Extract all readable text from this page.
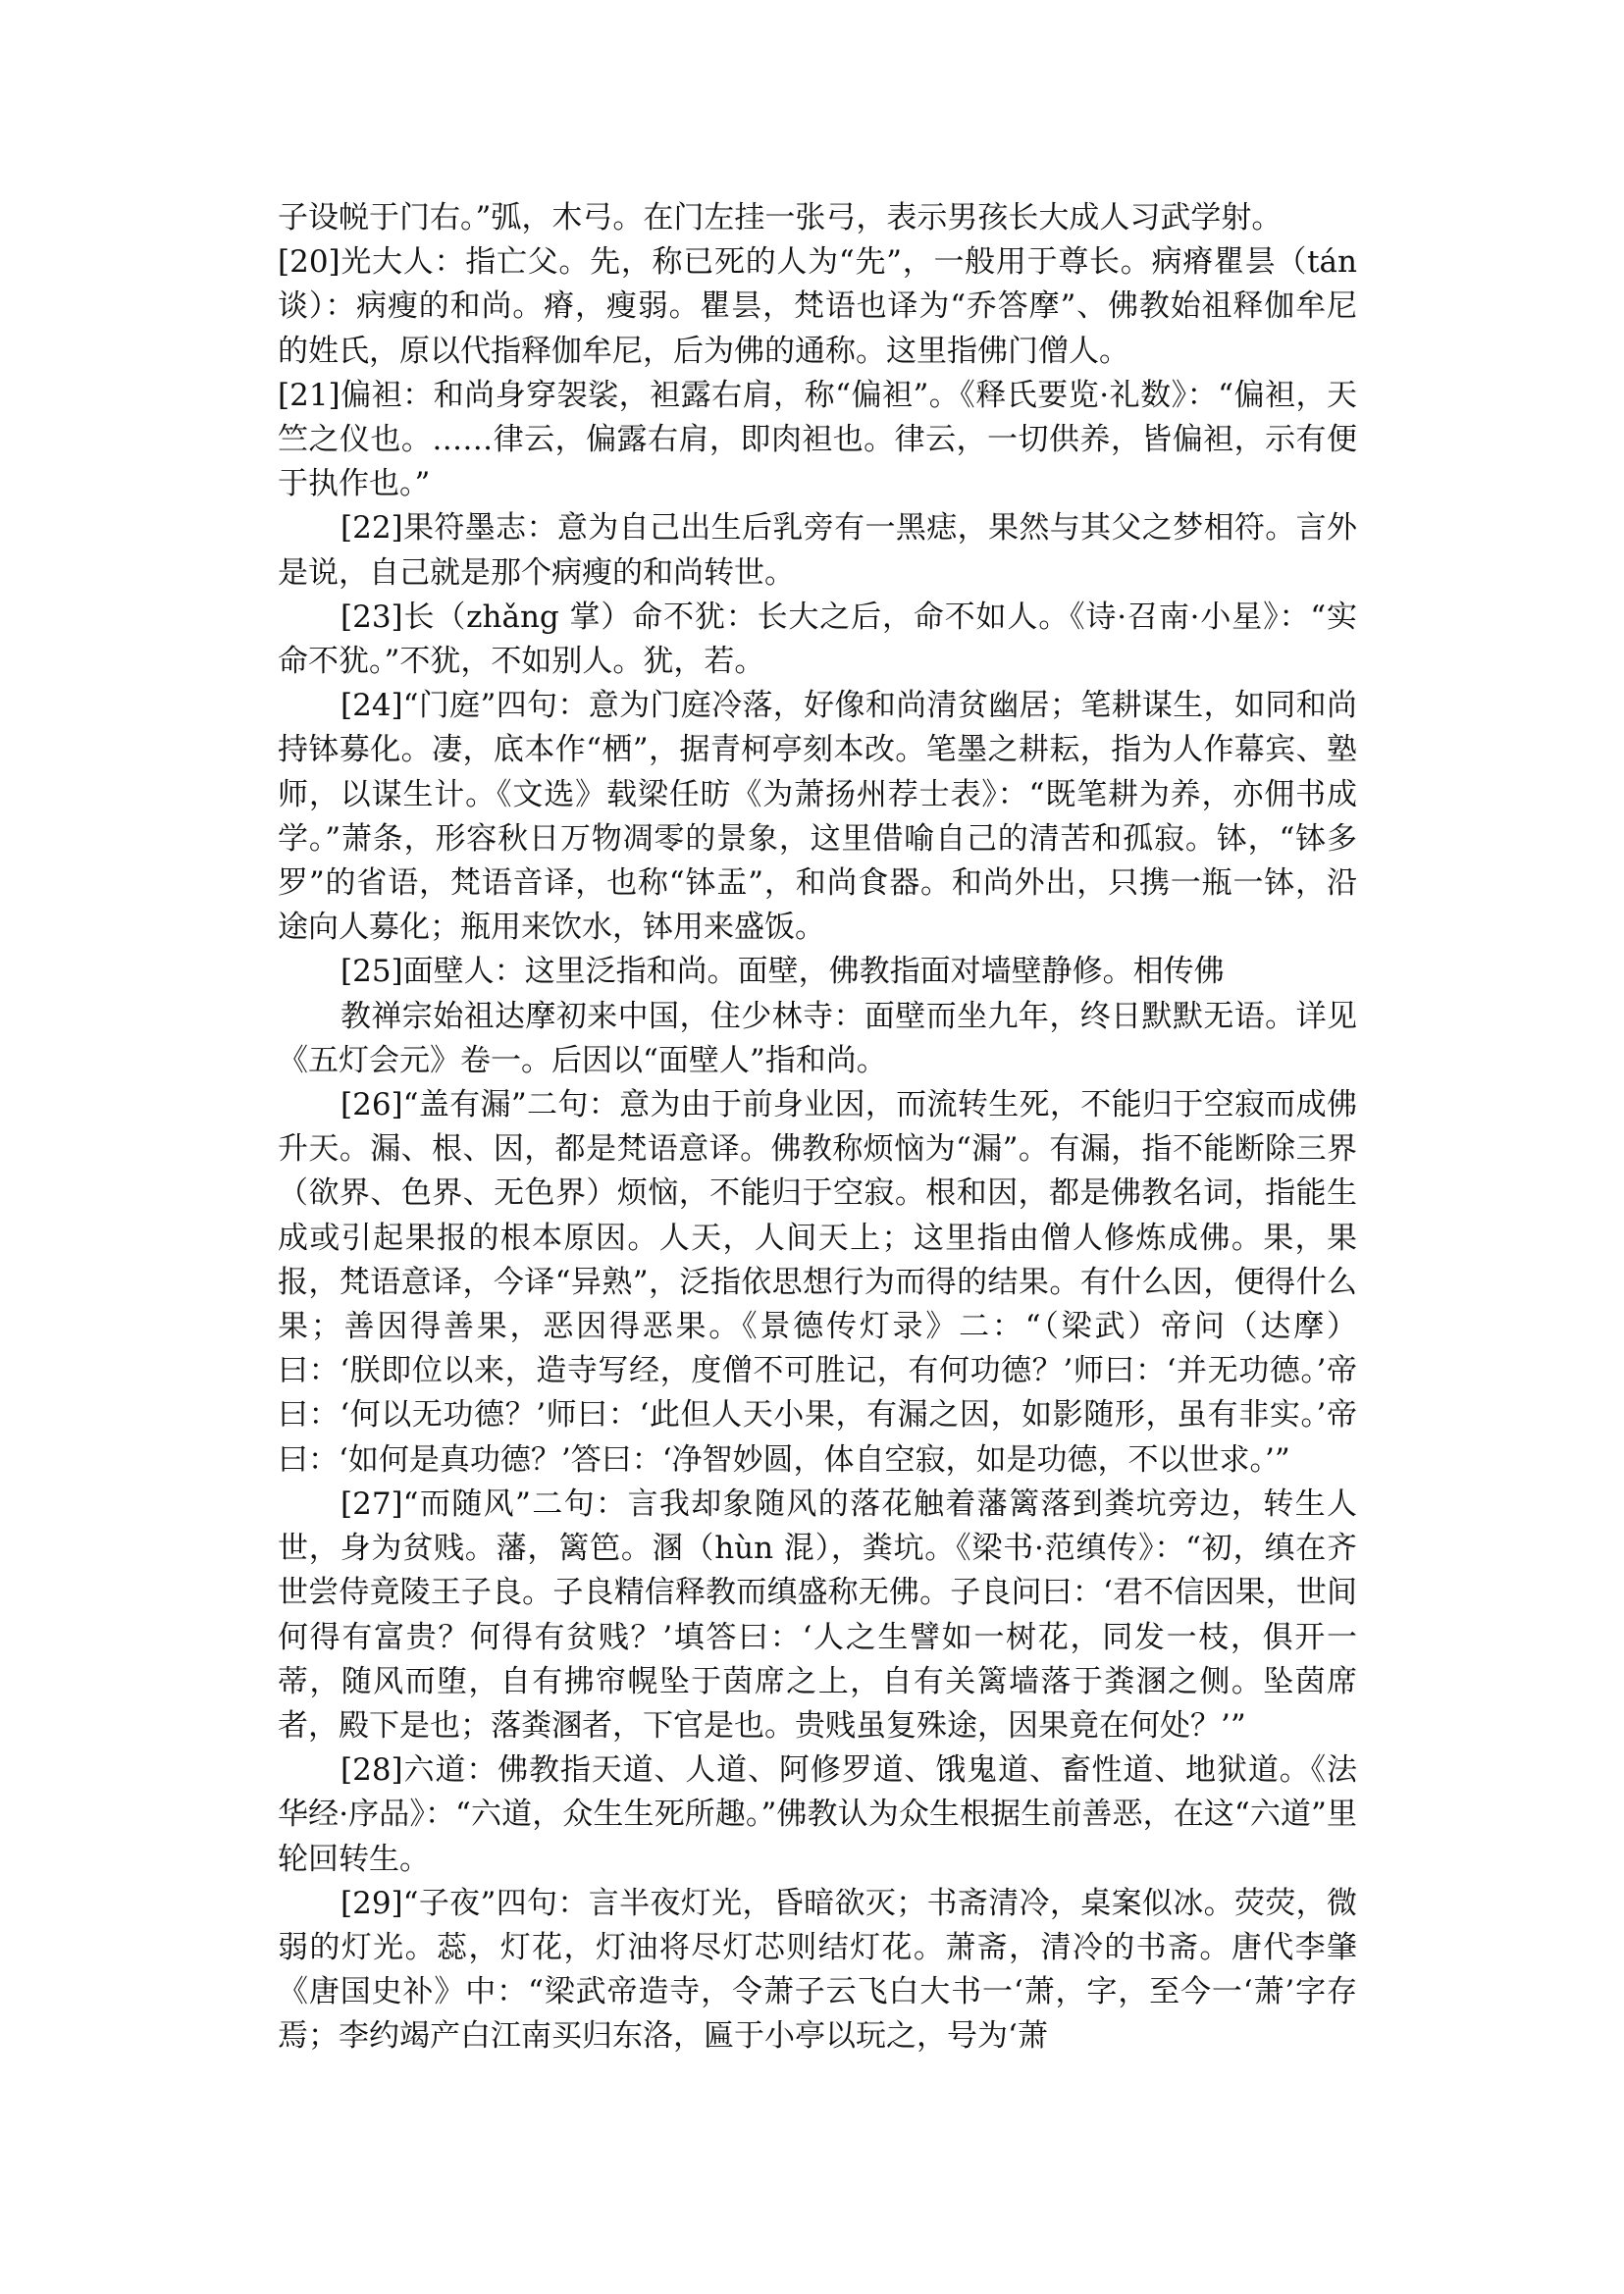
子设帨于门右。”弧，木弓。在门左挂一张弓，表示男孩长大成人习武学射。

[20]光大人：指亡父。先，称已死的人为“先”，一般用于尊长。病瘠瞿昙（tán 谈）：病瘦的和尚。瘠，瘦弱。瞿昙，梵语也译为“乔答摩”、佛教始祖释伽牟尼的姓氏，原以代指释伽牟尼，后为佛的通称。这里指佛门僧人。

[21]偏袒：和尚身穿袈裟，袒露右肩，称“偏袒”。《释氏要览·礼数》：“偏袒，天竺之仪也。……律云，偏露右肩，即肉袒也。律云，一切供养，皆偏袒，示有便于执作也。”

[22]果符墨志：意为自己出生后乳旁有一黑痣，果然与其父之梦相符。言外是说，自己就是那个病瘦的和尚转世。

[23]长（zhǎng 掌）命不犹：长大之后，命不如人。《诗·召南·小星》：“实命不犹。”不犹，不如别人。犹，若。

[24]“门庭”四句：意为门庭冷落，好像和尚清贫幽居；笔耕谋生，如同和尚持钵募化。凄，底本作“栖”，据青柯亭刻本改。笔墨之耕耘，指为人作幕宾、塾师，以谋生计。《文选》载梁任昉《为萧扬州荐士表》：“既笔耕为养，亦佣书成学。”萧条，形容秋日万物凋零的景象，这里借喻自己的清苦和孤寂。钵，“钵多罗”的省语，梵语音译，也称“钵盂”，和尚食器。和尚外出，只携一瓶一钵，沿途向人募化；瓶用来饮水，钵用来盛饭。

[25]面壁人：这里泛指和尚。面壁，佛教指面对墙壁静修。相传佛

教禅宗始祖达摩初来中国，住少林寺：面壁而坐九年，终日默默无语。详见《五灯会元》卷一。后因以“面壁人”指和尚。

[26]“盖有漏”二句：意为由于前身业因，而流转生死，不能归于空寂而成佛升天。漏、根、因，都是梵语意译。佛教称烦恼为“漏”。有漏，指不能断除三界（欲界、色界、无色界）烦恼，不能归于空寂。根和因，都是佛教名词，指能生成或引起果报的根本原因。人天，人间天上；这里指由僧人修炼成佛。果，果报，梵语意译，今译“异熟”，泛指依思想行为而得的结果。有什么因，便得什么果；善因得善果，恶因得恶果。《景德传灯录》二：“（梁武）帝问（达摩）曰：‘朕即位以来，造寺写经，度僧不可胜记，有何功德？’师曰：‘并无功德。’帝曰：‘何以无功德？’师曰：‘此但人天小果，有漏之因，如影随形，虽有非实。’帝曰：‘如何是真功德？’答曰：‘净智妙圆，体自空寂，如是功德，不以世求。’”

[27]“而随风”二句：言我却象随风的落花触着藩篱落到粪坑旁边，转生人世，身为贫贱。藩，篱笆。溷（hùn 混），粪坑。《梁书·范缜传》：“初，缜在齐世尝侍竟陵王子良。子良精信释教而缜盛称无佛。子良问曰：‘君不信因果，世间何得有富贵？何得有贫贱？’填答曰：‘人之生譬如一树花，同发一枝，俱开一蒂，随风而堕，自有拂帘幌坠于茵席之上，自有关篱墙落于粪溷之侧。坠茵席者，殿下是也；落粪溷者，下官是也。贵贱虽复殊途，因果竟在何处？’”

[28]六道：佛教指天道、人道、阿修罗道、饿鬼道、畜性道、地狱道。《法华经·序品》：“六道，众生生死所趣。”佛教认为众生根据生前善恶，在这“六道”里轮回转生。

[29]“子夜”四句：言半夜灯光，昏暗欲灭；书斋清冷，桌案似冰。荧荧，微弱的灯光。蕊，灯花，灯油将尽灯芯则结灯花。萧斋，清冷的书斋。唐代李肇《唐国史补》中：“梁武帝造寺，令萧子云飞白大书一‘萧，字，至今一‘萧’字存焉；李约竭产白江南买归东洛，匾于小亭以玩之，号为‘萧
